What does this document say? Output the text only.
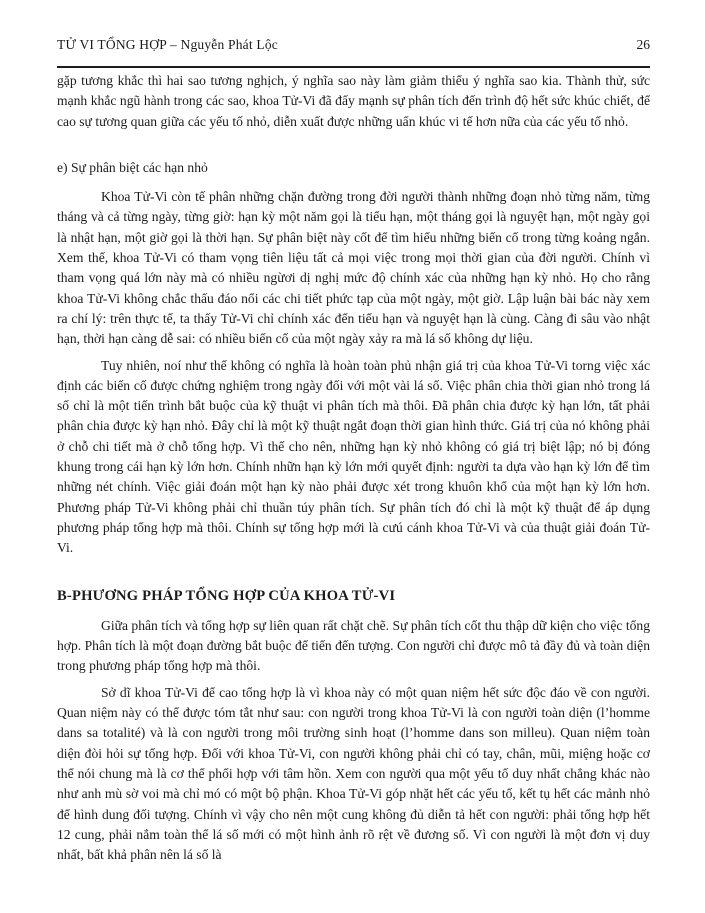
TỬ VI TỔNG HỢP – Nguyễn Phát Lộc	26

gặp tương khắc thì hai sao tương nghịch, ý nghĩa sao này làm giảm thiểu ý nghĩa sao kia. Thành thử, sức mạnh khắc ngũ hành trong các sao, khoa Tử-Vi đã đẩy mạnh sự phân tích đến trình độ hết sức khúc chiết, để cao sự tương quan giữa các yếu tố nhỏ, diễn xuất được những uẩn khúc vi tế hơn nữa của các yếu tố nhỏ.

e) Sự phân biệt các hạn nhỏ

Khoa Tử-Vi còn tế phân những chặn đường trong đời người thành những đoạn nhỏ từng năm, từng tháng và cả từng ngày, từng giờ: hạn kỳ một năm gọi là tiểu hạn, một tháng gọi là nguyệt hạn, một ngày gọi là nhật hạn, một giờ gọi là thời hạn. Sự phân biệt này cốt để tìm hiểu những biến cố trong từng koảng ngắn. Xem thế, khoa Tử-Vi có tham vọng tiên liệu tất cả mọi việc trong mọi thời gian của đời người. Chính vì tham vọng quá lớn này mà có nhiều ngừơi dị nghị mức độ chính xác của những hạn kỳ nhỏ. Họ cho rằng khoa Tử-Vi không chắc thấu đáo nổi các chi tiết phức tạp của một ngày, một giờ. Lập luận bài bác này xem ra chí lý: trên thực tế, ta thấy Tử-Vi chỉ chính xác đến tiểu hạn và nguyệt hạn là cùng. Càng đi sâu vào nhật hạn, thời hạn càng dễ sai: có nhiều biến cố của một ngày xảy ra mà lá số không dự liệu.

Tuy nhiên, noí như thế không có nghĩa là hoàn toàn phủ nhận giá trị của khoa Tử-Vi torng việc xác định các biến cố được chứng nghiệm trong ngày đối với một vài lá số. Việc phân chia thời gian nhỏ trong lá số chỉ là một tiến trình bắt buộc của kỹ thuật vi phân tích mà thôi. Đã phân chia được kỳ hạn lớn, tất phải phân chia được kỳ hạn nhỏ. Đây chỉ là một kỹ thuật ngắt đoạn thời gian hình thức. Giá trị của nó không phải ở chỗ chi tiết mà ở chỗ tổng hợp. Vì thế cho nên, những hạn kỳ nhỏ không có giá trị biệt lập; nó bị đóng khung trong cái hạn kỳ lớn hơn. Chính nhữn hạn kỳ lớn mới quyết định: người ta dựa vào hạn kỳ lớn để tìm những nét chính. Việc giải đoán một hạn kỳ nào phải được xét trong khuôn khổ của một hạn kỳ lớn hơn. Phương pháp Tử-Vi không phải chỉ thuần túy phân tích. Sự phân tích đó chỉ là một kỹ thuật để áp dụng phương pháp tổng hợp mà thôi. Chính sự tổng hợp mới là cưú cánh khoa Tử-Vi và của thuật giải đoán Tử-Vi.

B-PHƯƠNG PHÁP TỔNG HỢP CỦA KHOA TỬ-VI

Giữa phân tích và tổng hợp sự liên quan rất chặt chẽ. Sự phân tích cốt thu thập dữ kiện cho việc tổng hợp. Phân tích là một đoạn đường bắt buộc để tiến đến tượng. Con người chỉ được mô tả đầy đủ và toàn diện trong phương pháp tổng hợp mà thôi.

Sở dĩ khoa Tử-Vi để cao tổng hợp là vì khoa này có một quan niệm hết sức độc đáo về con người. Quan niệm này có thể được tóm tắt như sau: con người trong khoa Tử-Vi là con người toàn diện (l’homme dans sa totalité) và là con người trong môi trường sinh hoạt (l’homme dans son milleu). Quan niệm toàn diện đòi hỏi sự tổng hợp. Đối với khoa Tử-Vi, con người không phải chỉ có tay, chân, mũi, miệng hoặc cơ thể nói chung mà là cơ thể phối hợp với tâm hồn. Xem con người qua một yếu tố duy nhất chẳng khác nào như anh mù sờ voi mà chỉ mó có một bộ phận. Khoa Tử-Vi góp nhặt hết các yếu tố, kết tụ hết các mảnh nhỏ để hình dung đối tượng. Chính vì vậy cho nên một cung không đủ diễn tả hết con người: phải tổng hợp hết 12 cung, phải nắm toàn thể lá số mới có một hình ảnh rõ rệt về đương số. Vì con người là một đơn vị duy nhất, bất khả phân nên lá số là
